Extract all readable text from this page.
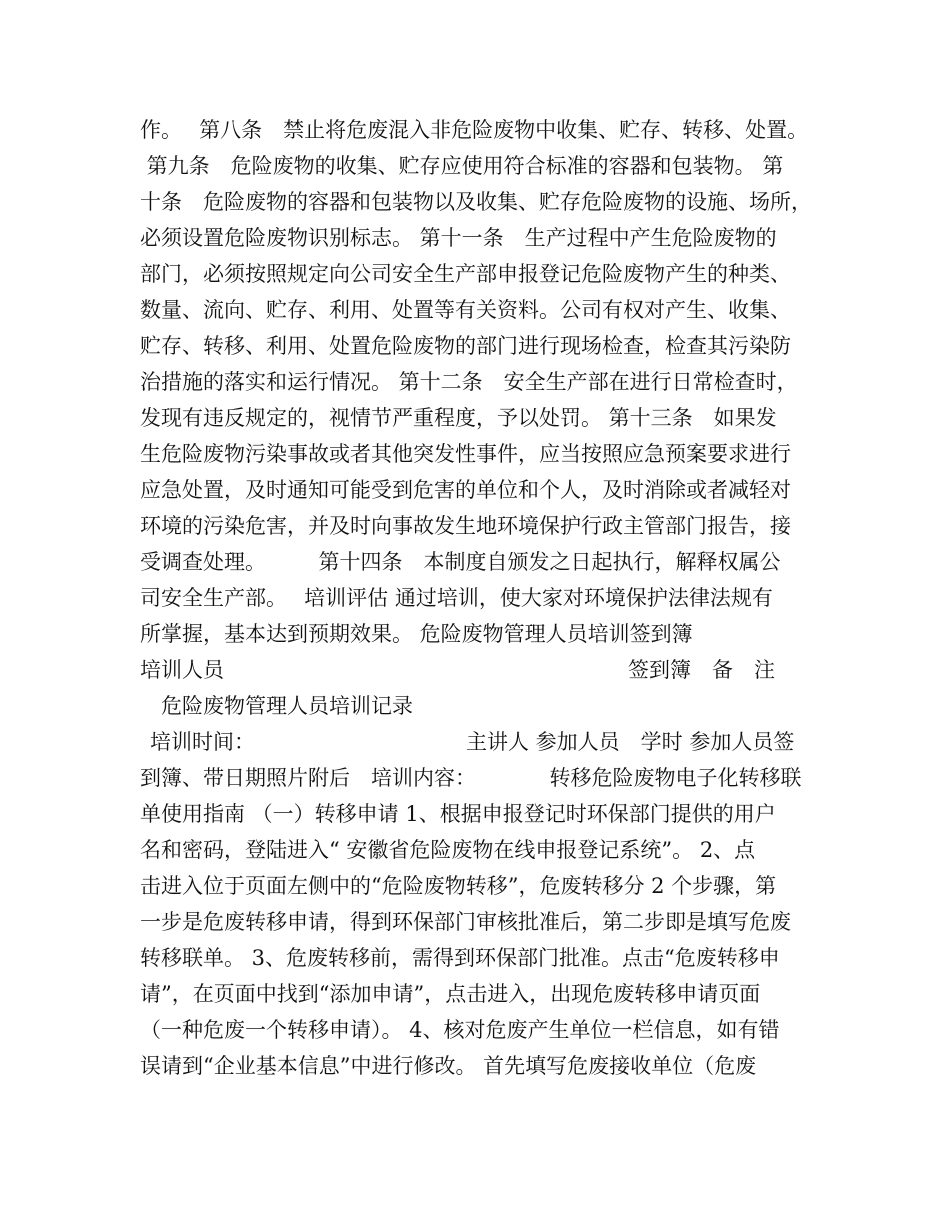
作。　 第八条　禁止将危废混入非危险废物中收集、贮存、转移、处置。
第九条　危险废物的收集、贮存应使用符合标准的容器和包装物。 第
十条　危险废物的容器和包装物以及收集、贮存危险废物的设施、场所，
必须设置危险废物识别标志。 第十一条　生产过程中产生危险废物的
部门，必须按照规定向公司安全生产部申报登记危险废物产生的种类、
数量、流向、贮存、利用、处置等有关资料。公司有权对产生、收集、
贮存、转移、利用、处置危险废物的部门进行现场检查，检查其污染防
治措施的落实和运行情况。 第十二条　安全生产部在进行日常检查时，
发现有违反规定的，视情节严重程度，予以处罚。 第十三条　如果发
生危险废物污染事故或者其他突发性事件，应当按照应急预案要求进行
应急处置，及时通知可能受到危害的单位和个人，及时消除或者减轻对
环境的污染危害，并及时向事故发生地环境保护行政主管部门报告，接
受调查处理。　　　第十四条　本制度自颁发之日起执行，解释权属公
司安全生产部。　 培训评估 通过培训，使大家对环境保护法律法规有
所掌握，基本达到预期效果。 危险废物管理人员培训签到簿

培训人员

	签到簿　备　注

危险废物管理人员培训记录

培训时间：

	主讲人 参加人员　学时 参加人员签

到簿、带日期照片附后　培训内容：　　　　转移危险废物电子化转移联
单使用指南 （一）转移申请 1、根据申报登记时环保部门提供的用户
名和密码，登陆进入“ 安徽省危险废物在线申报登记系统”。 2、点
击进入位于页面左侧中的“危险废物转移”，危废转移分 2 个步骤，第
一步是危废转移申请，得到环保部门审核批准后，第二步即是填写危废
转移联单。 3、危废转移前，需得到环保部门批准。点击“危废转移申
请”，在页面中找到“添加申请”，点击进入，出现危废转移申请页面
（一种危废一个转移申请）。 4、核对危废产生单位一栏信息，如有错
误请到“企业基本信息”中进行修改。 首先填写危废接收单位（危废
